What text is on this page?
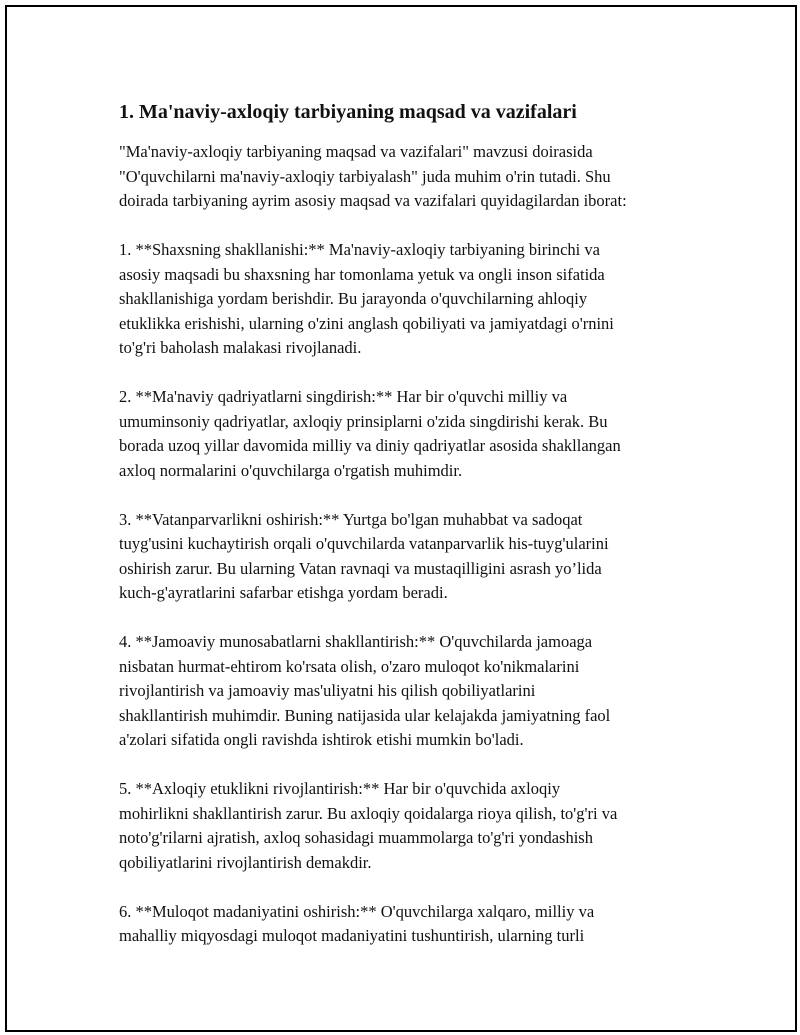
1. Ma'naviy-axloqiy tarbiyaning maqsad va vazifalari

"Ma'naviy-axloqiy tarbiyaning maqsad va vazifalari" mavzusi doirasida
"O'quvchilarni ma'naviy-axloqiy tarbiyalash" juda muhim o'rin tutadi. Shu
doirada tarbiyaning ayrim asosiy maqsad va vazifalari quyidagilardan iborat:

1. **Shaxsning shakllanishi:** Ma'naviy-axloqiy tarbiyaning birinchi va
asosiy maqsadi bu shaxsning har tomonlama yetuk va ongli inson sifatida
shakllanishiga yordam berishdir. Bu jarayonda o'quvchilarning ahloqiy
etuklikka erishishi, ularning o'zini anglash qobiliyati va jamiyatdagi o'rnini
to'g'ri baholash malakasi rivojlanadi.

2. **Ma'naviy qadriyatlarni singdirish:** Har bir o'quvchi milliy va
umuminsoniy qadriyatlar, axloqiy prinsiplarni o'zida singdirishi kerak. Bu
borada uzoq yillar davomida milliy va diniy qadriyatlar asosida shakllangan
axloq normalarini o'quvchilarga o'rgatish muhimdir.

3. **Vatanparvarlikni oshirish:** Yurtga bo'lgan muhabbat va sadoqat
tuyg'usini kuchaytirish orqali o'quvchilarda vatanparvarlik his-tuyg'ularini
oshirish zarur. Bu ularning Vatan ravnaqi va mustaqilligini asrash yo’lida
kuch-g'ayratlarini safarbar etishga yordam beradi.

4. **Jamoaviy munosabatlarni shakllantirish:** O'quvchilarda jamoaga
nisbatan hurmat-ehtirom ko'rsata olish, o'zaro muloqot ko'nikmalarini
rivojlantirish va jamoaviy mas'uliyatni his qilish qobiliyatlarini
shakllantirish muhimdir. Buning natijasida ular kelajakda jamiyatning faol
a'zolari sifatida ongli ravishda ishtirok etishi mumkin bo'ladi.

5. **Axloqiy etuklikni rivojlantirish:** Har bir o'quvchida axloqiy
mohirlikni shakllantirish zarur. Bu axloqiy qoidalarga rioya qilish, to'g'ri va
noto'g'rilarni ajratish, axloq sohasidagi muammolarga to'g'ri yondashish
qobiliyatlarini rivojlantirish demakdir.

6. **Muloqot madaniyatini oshirish:** O'quvchilarga xalqaro, milliy va
mahalliy miqyosdagi muloqot madaniyatini tushuntirish, ularning turli
